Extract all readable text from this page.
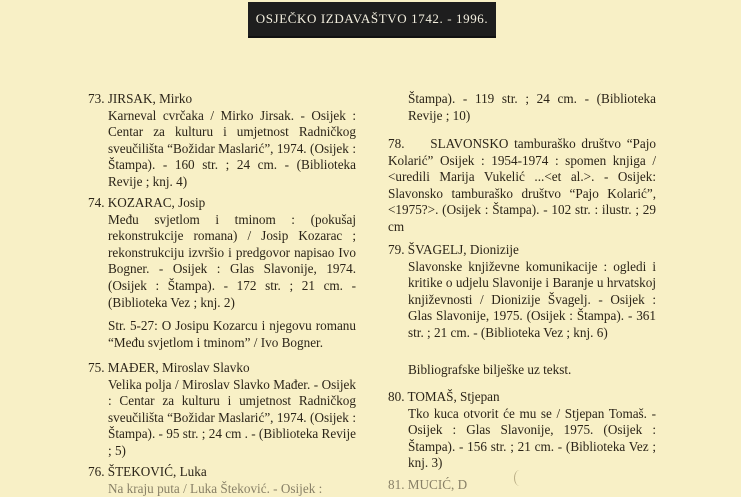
OSJEČKO IZDAVAŠTVO 1742. - 1996.
73. JIRSAK, Mirko
Karneval cvrčaka / Mirko Jirsak. - Osijek : Centar za kulturu i umjetnost Radničkog sveučilišta “Božidar Maslarić”, 1974. (Osijek : Štampa). - 160 str. ; 24 cm. - (Biblioteka Revije ; knj. 4)
74. KOZARAC, Josip
Među svjetlom i tminom : (pokušaj rekonstrukcije romana) / Josip Kozarac ; rekonstrukciju izvršio i predgovor napisao Ivo Bogner. - Osijek : Glas Slavonije, 1974. (Osijek : Štampa). - 172 str. ; 21 cm. - (Biblioteka Vez ; knj. 2)
Str. 5-27: O Josipu Kozarcu i njegovu romanu “Među svjetlom i tminom” / Ivo Bogner.
75. MAĐER, Miroslav Slavko
Velika polja / Miroslav Slavko Mađer. - Osijek : Centar za kulturu i umjetnost Radničkog sveučilišta “Božidar Maslarić”, 1974. (Osijek : Štampa). - 95 str. ; 24 cm . - (Biblioteka Revije ; 5)
76. ŠTEKOVIĆ, Luka
Na kraju puta / Luka Šteković. - Osijek :
Štampa). - 119 str. ; 24 cm. - (Biblioteka Revije ; 10)
78. SLAVONSKO tamburaško društvo “Pajo Kolarić” Osijek : 1954-1974 : spomen knjiga / <uredili Marija Vukelić ...<et al.>. - Osijek: Slavonsko tamburaško društvo “Pajo Kolarić”, <1975?>. (Osijek : Štampa). - 102 str. : ilustr. ; 29 cm
79. ŠVAGELJ, Dionizije
Slavonske književne komunikacije : ogledi i kritike o udjelu Slavonije i Baranje u hrvatskoj književnosti / Dionizije Švagelj. - Osijek : Glas Slavonije, 1975. (Osijek : Štampa). - 361 str. ; 21 cm. - (Biblioteka Vez ; knj. 6)
Bibliografske bilješke uz tekst.
80. TOMAŠ, Stjepan
Tko kuca otvorit će mu se / Stjepan Tomaš. - Osijek : Glas Slavonije, 1975. (Osijek : Štampa). - 156 str. ; 21 cm. - (Biblioteka Vez ; knj. 3)
81. MUCIĆ, D
